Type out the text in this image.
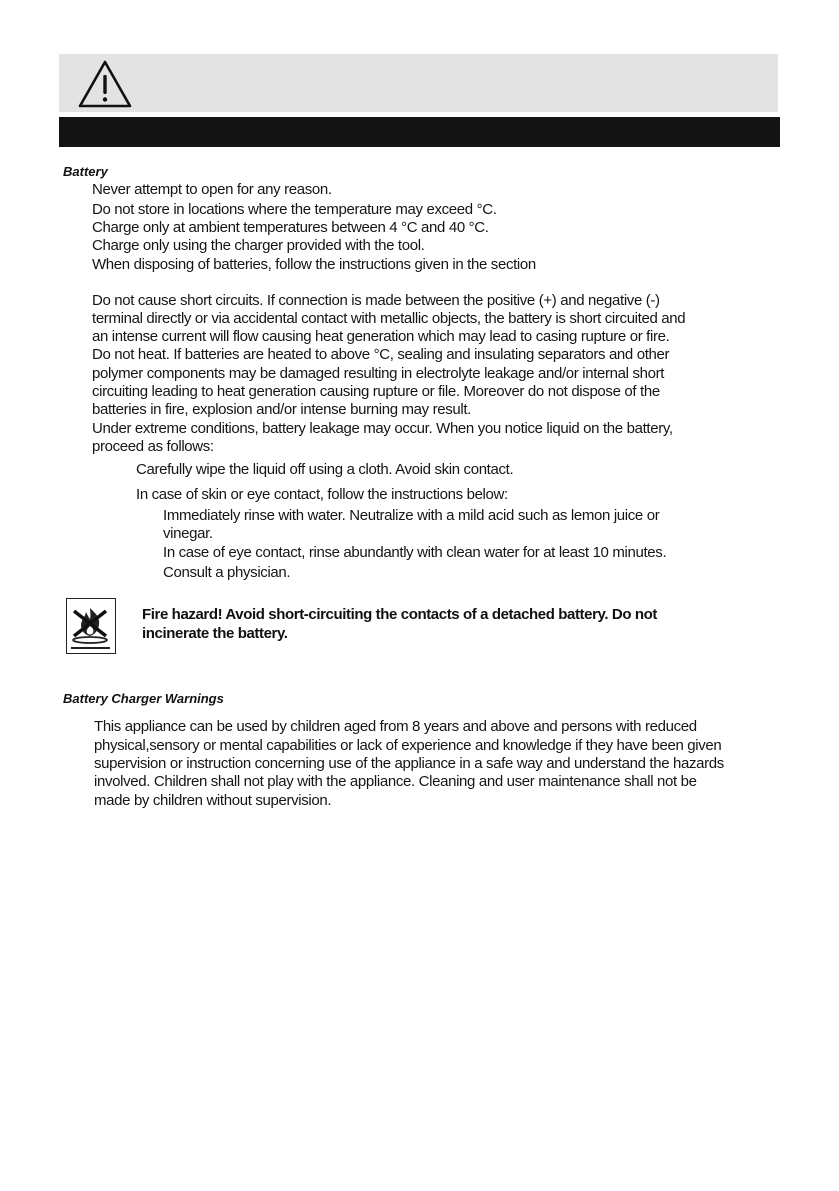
Battery
Never attempt to open for any reason.
Do not store in locations where the temperature may exceed °C.
Charge only at ambient temperatures between 4 °C and 40 °C.
Charge only using the charger provided with the tool.
When disposing of batteries, follow the instructions given in the section
Do not cause short circuits. If connection is made between the positive (+) and negative (-)
terminal directly or via accidental contact with metallic objects, the battery is short circuited and
an intense current will flow causing heat generation which may lead to casing rupture or fire.
Do not heat. If batteries are heated to above °C, sealing and insulating separators and other
polymer components may be damaged resulting in electrolyte leakage and/or internal short
circuiting leading to heat generation causing rupture or file. Moreover do not dispose of the
batteries in fire, explosion and/or intense burning may result.
Under extreme conditions, battery leakage may occur. When you notice liquid on the battery,
proceed as follows:
Carefully wipe the liquid off using a cloth. Avoid skin contact.
In case of skin or eye contact, follow the instructions below:
Immediately rinse with water. Neutralize with a mild acid such as lemon juice or
vinegar.
In case of eye contact, rinse abundantly with clean water for at least 10 minutes.
Consult a physician.
Fire hazard! Avoid short-circuiting the contacts of a detached battery. Do not
incinerate the battery.
Battery Charger Warnings
This appliance can be used by children aged from 8 years and above and persons with reduced
physical,sensory or mental capabilities or lack of experience and knowledge if they have been given
supervision or instruction concerning use of the appliance in a safe way and understand the hazards
involved. Children shall not play with the appliance. Cleaning and user maintenance shall not be
made by children without supervision.
